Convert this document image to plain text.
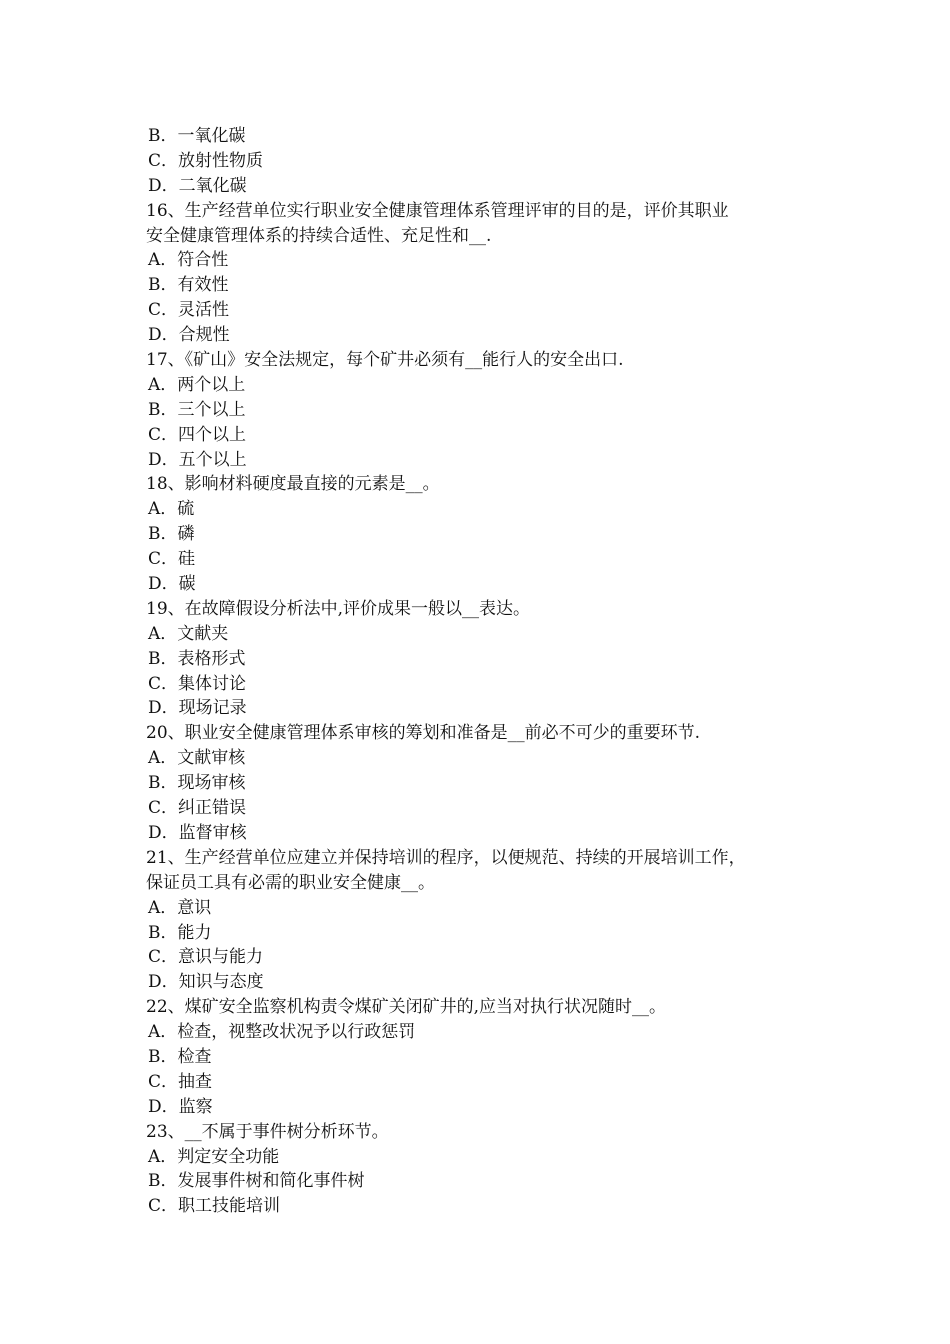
B．一氧化碳
C．放射性物质
D．二氧化碳
16、生产经营单位实行职业安全健康管理体系管理评审的目的是，评价其职业
安全健康管理体系的持续合适性、充足性和__.
A．符合性
B．有效性
C．灵活性
D．合规性
17、《矿山》安全法规定，每个矿井必须有__能行人的安全出口.
A．两个以上
B．三个以上
C．四个以上
D．五个以上
18、影响材料硬度最直接的元素是__。
A．硫
B．磷
C．硅
D．碳
19、在故障假设分析法中,评价成果一般以__表达。
A．文献夹
B．表格形式
C．集体讨论
D．现场记录
20、职业安全健康管理体系审核的筹划和准备是__前必不可少的重要环节.
A．文献审核
B．现场审核
C．纠正错误
D．监督审核
21、生产经营单位应建立并保持培训的程序，以便规范、持续的开展培训工作，
保证员工具有必需的职业安全健康__。
A．意识
B．能力
C．意识与能力
D．知识与态度
22、煤矿安全监察机构责令煤矿关闭矿井的,应当对执行状况随时__。
A．检查，视整改状况予以行政惩罚
B．检查
C．抽查
D．监察
23、__不属于事件树分析环节。
A．判定安全功能
B．发展事件树和简化事件树
C．职工技能培训
